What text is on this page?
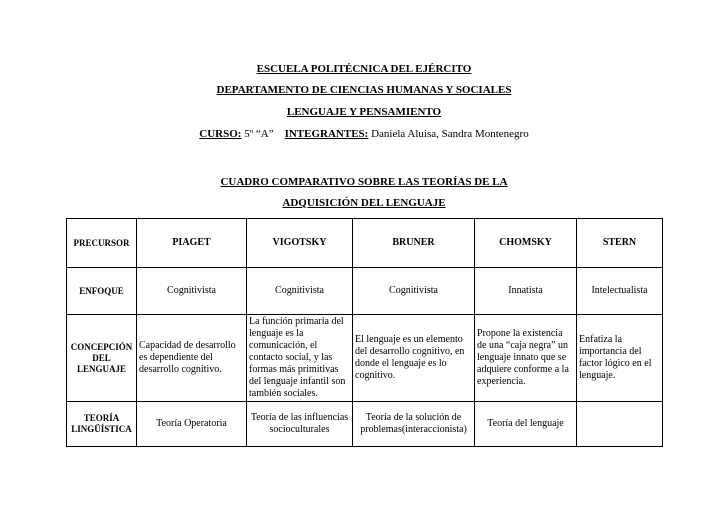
ESCUELA POLITÉCNICA DEL EJÉRCITO
DEPARTAMENTO DE CIENCIAS HUMANAS Y SOCIALES
LENGUAJE Y PENSAMIENTO
CURSO: 5º “A” INTEGRANTES: Daniela Aluisa, Sandra Montenegro
CUADRO COMPARATIVO SOBRE LAS TEORÍAS DE LA
ADQUISICIÓN DEL LENGUAJE
PRECURSOR	PIAGET	VIGOTSKY	BRUNER	CHOMSKY	STERN
ENFOQUE	Cognitivista	Cognitivista	Cognitivista	Innatista	Intelectualista
CONCEPCIÓN DEL LENGUAJE	Capacidad de desarrollo es dependiente del desarrollo cognitivo.	La función primaria del lenguaje es la comunicación, el contacto social, y las formas más primitivas del lenguaje infantil son también sociales.	El lenguaje es un elemento del desarrollo cognitivo, en donde el lenguaje es lo cognitivo.	Propone la existencia de una “caja negra” un lenguaje innato que se adquiere conforme a la experiencia.	Enfatiza la importancia del factor lógico en el lenguaje.
TEORÍA LINGÜÍSTICA	Teoría Operatoria	Teoría de las influencias socioculturales	Teoría de la solución de problemas(interaccionista)	Teoría del lenguaje	
